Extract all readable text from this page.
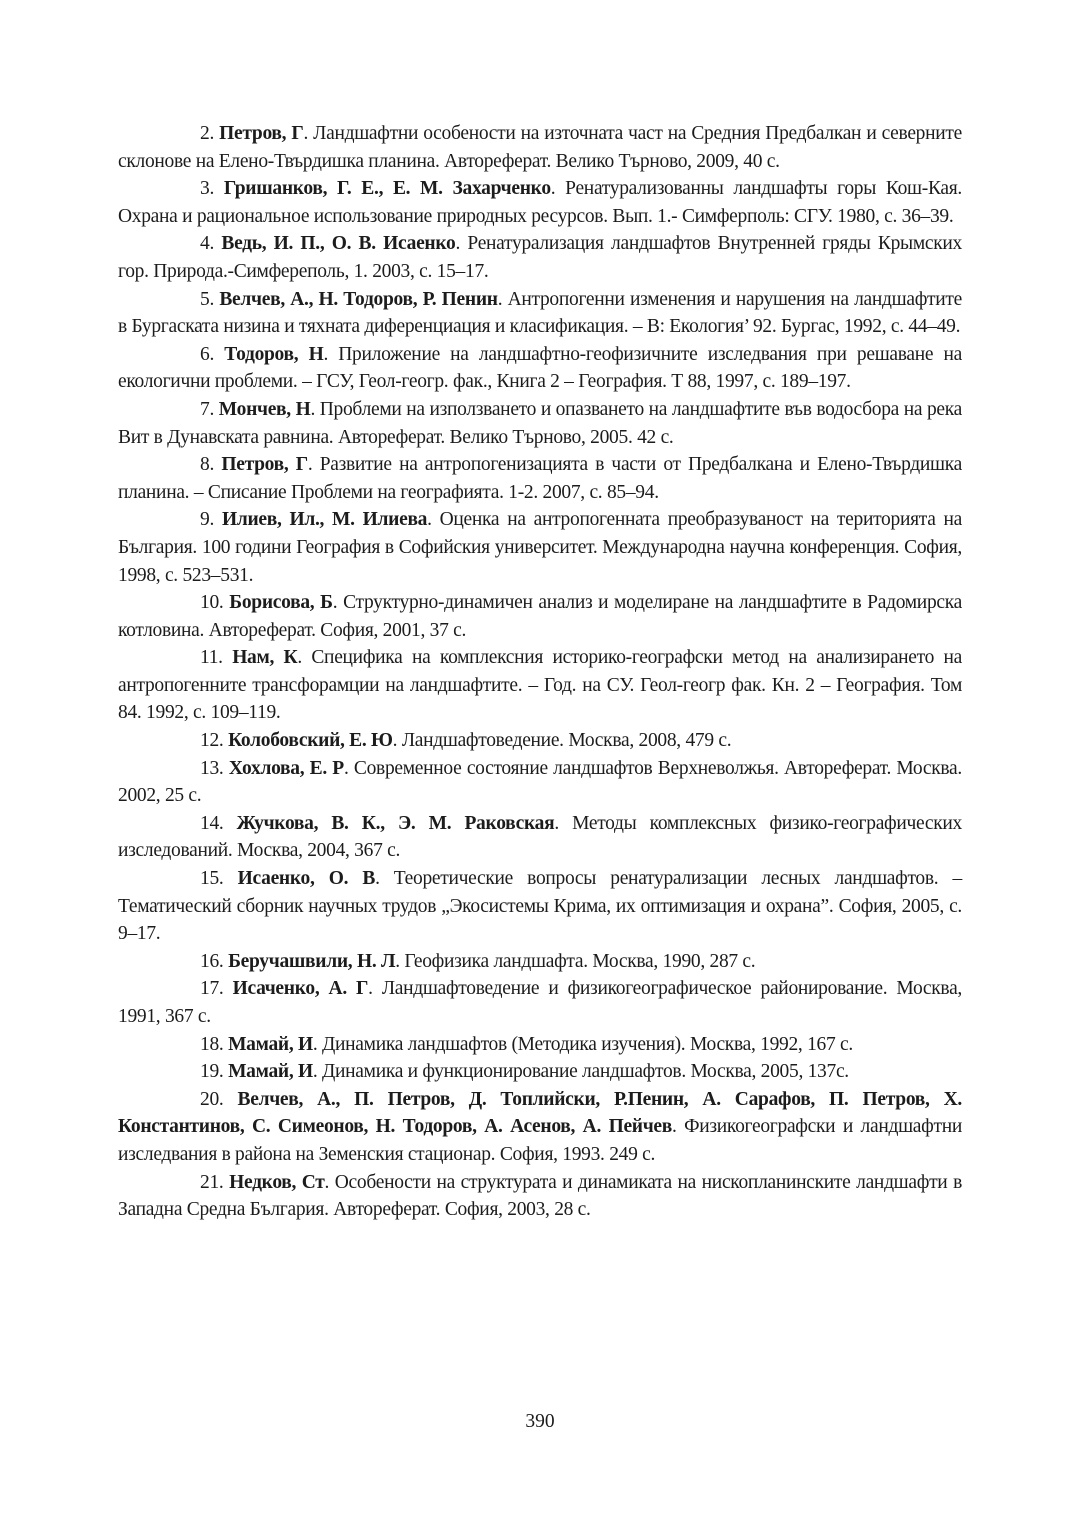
2. Петров, Г. Ландшафтни особености на източната част на Средния Предбалкан и северните склонове на Елено-Твърдишка планина. Автореферат. Велико Търново, 2009, 40 с.

3. Гришанков, Г. Е., Е. М. Захарченко. Ренатурализованны ландшафты горы Кош-Кая. Охрана и рациональное использование природных ресурсов. Вып. 1.- Симферполь: СГУ. 1980, с. 36–39.

4. Ведь, И. П., О. В. Исаенко. Ренатурализация ландшафтов Внутренней гряды Крымских гор. Природа.-Симфереполь, 1. 2003, с. 15–17.

5. Велчев, А., Н. Тодоров, Р. Пенин. Антропогенни изменения и нарушения на ландшафтите в Бургаската низина и тяхната диференциация и класификация. – В: Екология’ 92. Бургас, 1992, с. 44–49.

6. Тодоров, Н. Приложение на ландшафтно-геофизичните изследвания при решаване на екологични проблеми. – ГСУ, Геол-геогр. фак., Книга 2 – География. Т 88, 1997, с. 189–197.

7. Мончев, Н. Проблеми на използването и опазването на ландшафтите във водосбора на река Вит в Дунавската равнина. Автореферат. Велико Търново, 2005. 42 с.

8. Петров, Г. Развитие на антропогенизацията в части от Предбалкана и Елено-Твърдишка планина. – Списание Проблеми на географията. 1-2. 2007, с. 85–94.

9. Илиев, Ил., М. Илиева. Оценка на антропогенната преобразуваност на територията на България. 100 години География в Софийския университет. Международна научна конференция. София, 1998, с. 523–531.

10. Борисова, Б. Структурно-динамичен анализ и моделиране на ландшафтите в Радомирска котловина. Автореферат. София, 2001, 37 с.

11. Нам, К. Специфика на комплексния историко-географски метод на анализирането на антропогенните трансфорамции на ландшафтите. – Год. на СУ. Геол-геогр фак. Кн. 2 – География. Том 84. 1992, с. 109–119.

12. Колобовский, Е. Ю. Ландшафтоведение. Москва, 2008, 479 с.

13. Хохлова, Е. Р. Современное состояние ландшафтов Верхневолжья. Автореферат. Москва. 2002, 25 с.

14. Жучкова, В. К., Э. М. Раковская. Методы комплексных физико-географических изследований. Москва, 2004, 367 с.

15. Исаенко, О. В. Теоретические вопросы ренатурализации лесных ландшафтов. – Тематический сборник научных трудов „Экосистемы Крима, их оптимизация и охрана”. София, 2005, с. 9–17.

16. Беручашвили, Н. Л. Геофизика ландшафта. Москва, 1990, 287 с.

17. Исаченко, А. Г. Ландшафтоведение и физикогеографическое районирование. Москва, 1991, 367 с.

18. Мамай, И. Динамика ландшафтов (Методика изучения). Москва, 1992, 167 с.

19. Мамай, И. Динамика и функционирование ландшафтов. Москва, 2005, 137с.

20. Велчев, А., П. Петров, Д. Топлийски, Р.Пенин, А. Сарафов, П. Петров, Х. Константинов, С. Симеонов, Н. Тодоров, А. Асенов, А. Пейчев. Физикогеографски и ландшафтни изследвания в района на Земенския стационар. София, 1993. 249 с.

21. Недков, Ст. Особености на структурата и динамиката на нископланинските ландшафти в Западна Средна България. Автореферат. София, 2003, 28 с.

390
